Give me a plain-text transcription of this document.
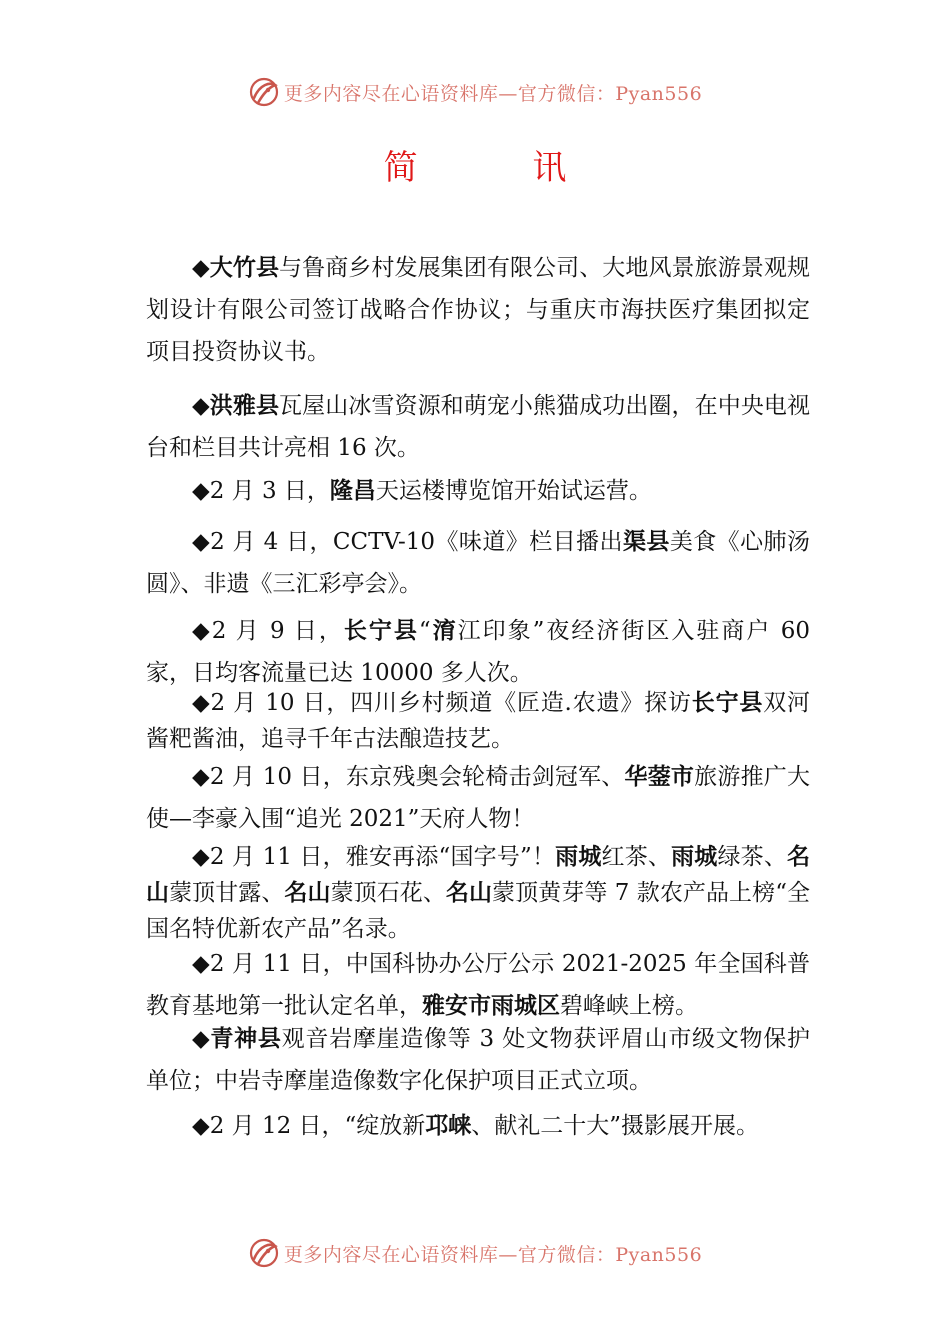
更多内容尽在心语资料库—官方微信：Pyan556
简 讯

◆大竹县与鲁商乡村发展集团有限公司、大地风景旅游景观规划设计有限公司签订战略合作协议；与重庆市海扶医疗集团拟定项目投资协议书。

◆洪雅县瓦屋山冰雪资源和萌宠小熊猫成功出圈，在中央电视台和栏目共计亮相 16 次。

◆2 月 3 日，隆昌天运楼博览馆开始试运营。

◆2 月 4 日，CCTV-10《味道》栏目播出渠县美食《心肺汤圆》、非遗《三汇彩亭会》。

◆2 月 9 日，长宁县“淯江印象”夜经济街区入驻商户 60 家，日均客流量已达 10000 多人次。

◆2 月 10 日，四川乡村频道《匠造.农遗》探访长宁县双河酱粑酱油，追寻千年古法酿造技艺。

◆2 月 10 日，东京残奥会轮椅击剑冠军、华蓥市旅游推广大使—李豪入围“追光 2021”天府人物！

◆2 月 11 日，雅安再添“国字号”！雨城红茶、雨城绿茶、名山蒙顶甘露、名山蒙顶石花、名山蒙顶黄芽等 7 款农产品上榜“全国名特优新农产品”名录。

◆2 月 11 日，中国科协办公厅公示 2021-2025 年全国科普教育基地第一批认定名单，雅安市雨城区碧峰峡上榜。

◆青神县观音岩摩崖造像等 3 处文物获评眉山市级文物保护单位；中岩寺摩崖造像数字化保护项目正式立项。

◆2 月 12 日，“绽放新邛崃、献礼二十大”摄影展开展。

更多内容尽在心语资料库—官方微信：Pyan556
